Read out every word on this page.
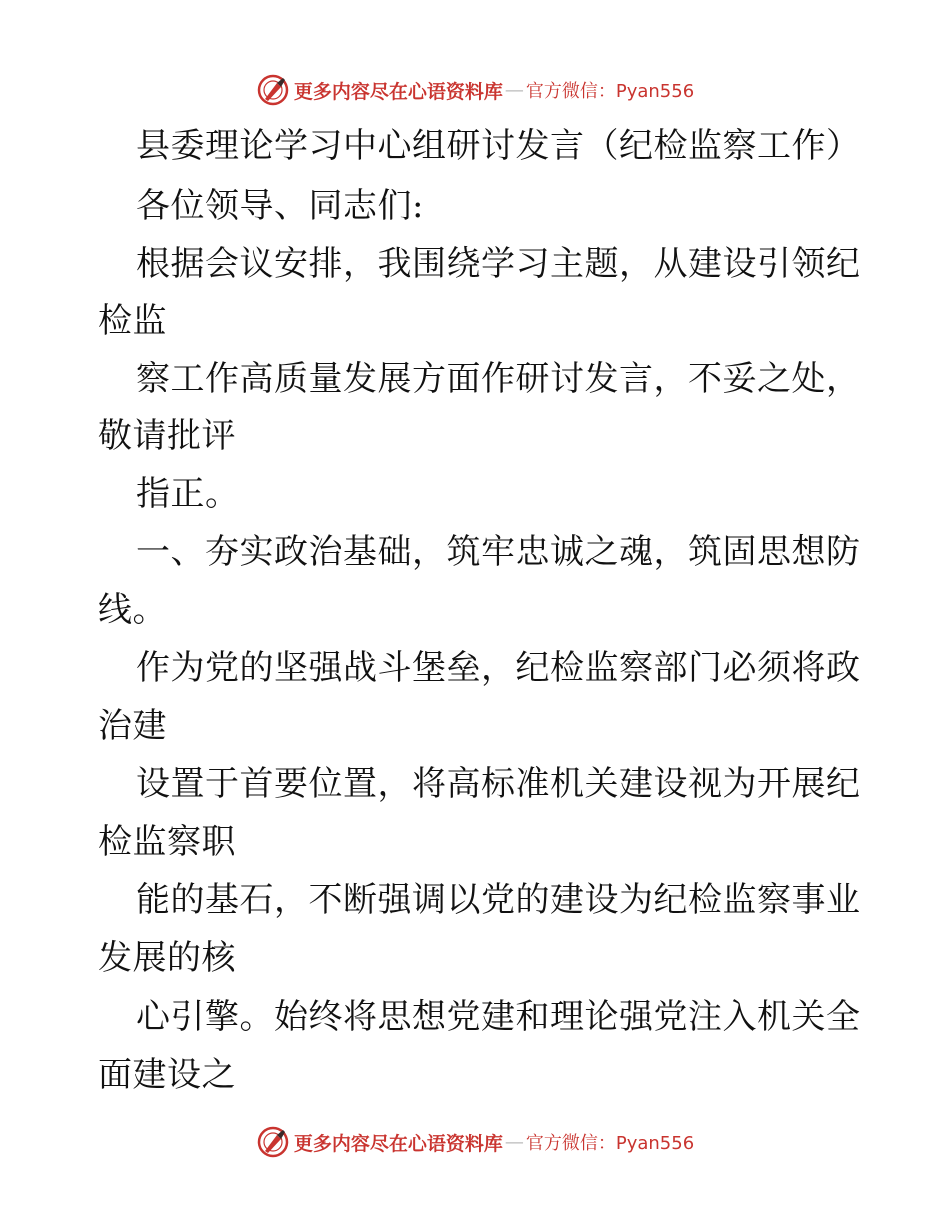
更多内容尽在心语资料库 — 官方微信：Pyan556
县委理论学习中心组研讨发言（纪检监察工作）
各位领导、同志们:
根据会议安排，我围绕学习主题，从建设引领纪
检监
察工作高质量发展方面作研讨发言，不妥之处，
敬请批评
指正。
一、夯实政治基础，筑牢忠诚之魂，筑固思想防
线。
作为党的坚强战斗堡垒，纪检监察部门必须将政
治建
设置于首要位置，将高标准机关建设视为开展纪
检监察职
能的基石，不断强调以党的建设为纪检监察事业
发展的核
心引擎。始终将思想党建和理论强党注入机关全
面建设之
更多内容尽在心语资料库 — 官方微信：Pyan556
